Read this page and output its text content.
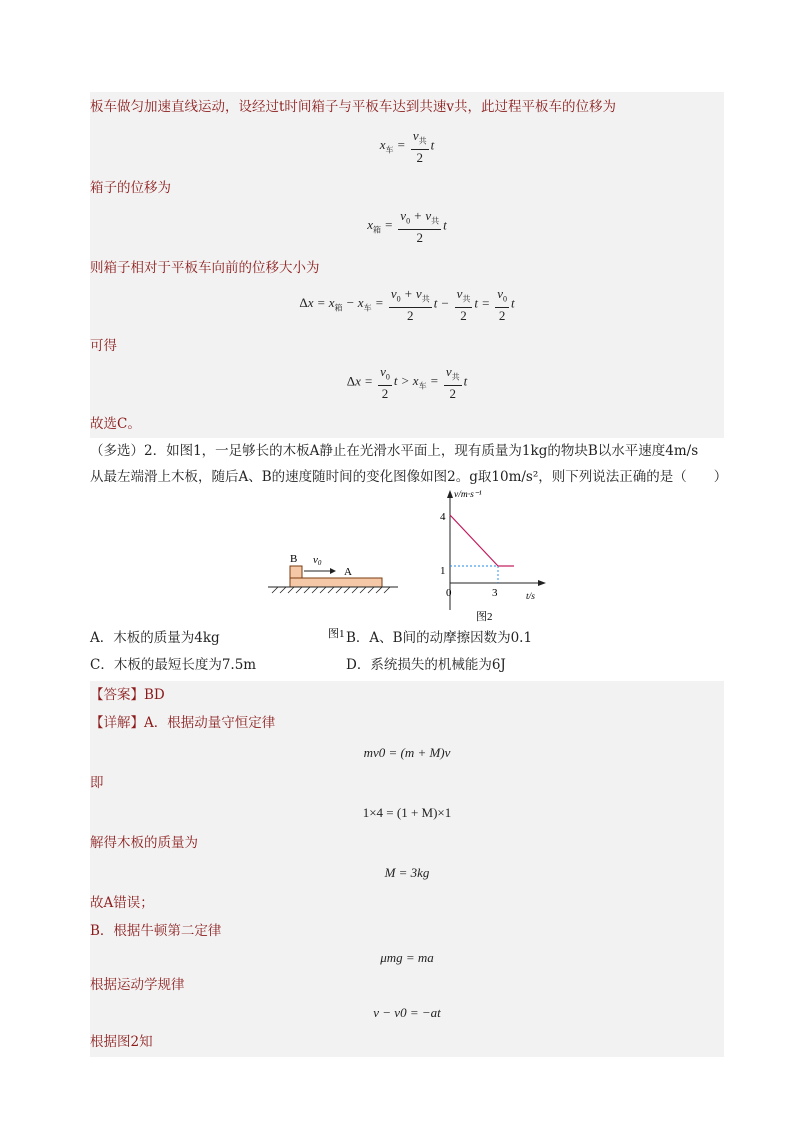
板车做匀加速直线运动，设经过t时间箱子与平板车达到共速v共，此过程平板车的位移为
$x_车 = \frac{v_共}{2}$ t
箱子的位移为
$x_箱 = \frac{v_0 + v_共}{2}$ t
则箱子相对于平板车向前的位移大小为
$\Delta x = x_箱 - x_车 = \frac{v_0 + v_共}{2}$ $t - \frac{v_共}{2}$ $t = \frac{v_0}{2}$ t
可得
$\Delta x = \frac{v_0}{2}$ $t > x_车 = \frac{v_共}{2}$ t
故选C。
（多选）2．如图1，一足够长的木板A静止在光滑水平面上，现有质量为1kg的物块B以水平速度4m/s
从最左端滑上木板，随后A、B的速度随时间的变化图像如图2。g取10m/s²，则下列说法正确的是（　　）
B v0
A
图1
v/m·s⁻¹
t/s
4
1
0	3
图2
A．木板的质量为4kg	B．A、B间的动摩擦因数为0.1
C．木板的最短长度为7.5m	D．系统损失的机械能为6J
【答案】BD
【详解】A．根据动量守恒定律
mv0 = (m + M)v
即
1×4 = (1 + M)×1
解得木板的质量为
M = 3kg
故A错误；
B．根据牛顿第二定律
μmg = ma
根据运动学规律
v − v0 = −at
根据图2知
